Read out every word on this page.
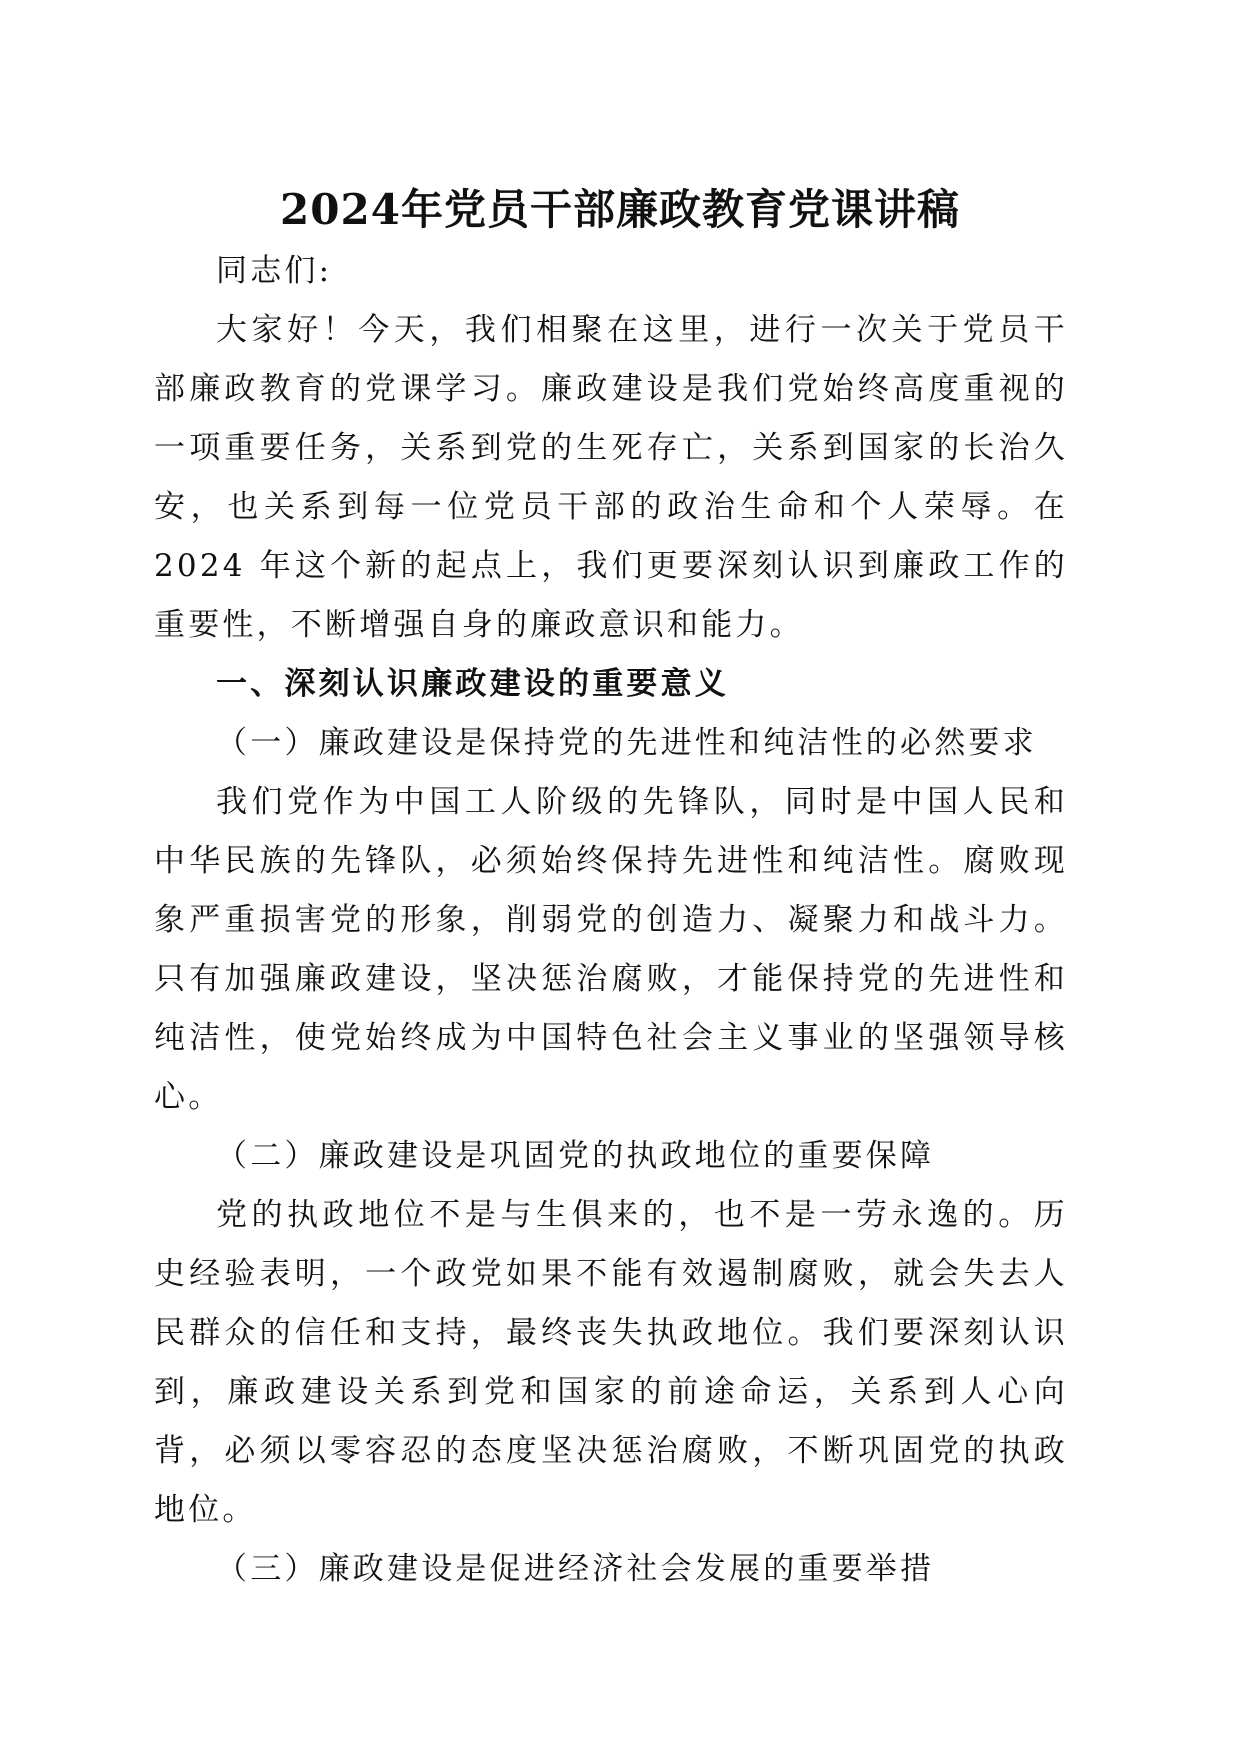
2024年党员干部廉政教育党课讲稿

同志们:

大家好！今天，我们相聚在这里，进行一次关于党员干部廉政教育的党课学习。廉政建设是我们党始终高度重视的一项重要任务，关系到党的生死存亡，关系到国家的长治久安，也关系到每一位党员干部的政治生命和个人荣辱。在 2024 年这个新的起点上，我们更要深刻认识到廉政工作的重要性，不断增强自身的廉政意识和能力。

一、深刻认识廉政建设的重要意义

（一）廉政建设是保持党的先进性和纯洁性的必然要求

我们党作为中国工人阶级的先锋队，同时是中国人民和中华民族的先锋队，必须始终保持先进性和纯洁性。腐败现象严重损害党的形象，削弱党的创造力、凝聚力和战斗力。只有加强廉政建设，坚决惩治腐败，才能保持党的先进性和纯洁性，使党始终成为中国特色社会主义事业的坚强领导核心。

（二）廉政建设是巩固党的执政地位的重要保障

党的执政地位不是与生俱来的，也不是一劳永逸的。历史经验表明，一个政党如果不能有效遏制腐败，就会失去人民群众的信任和支持，最终丧失执政地位。我们要深刻认识到，廉政建设关系到党和国家的前途命运，关系到人心向背，必须以零容忍的态度坚决惩治腐败，不断巩固党的执政地位。

（三）廉政建设是促进经济社会发展的重要举措
